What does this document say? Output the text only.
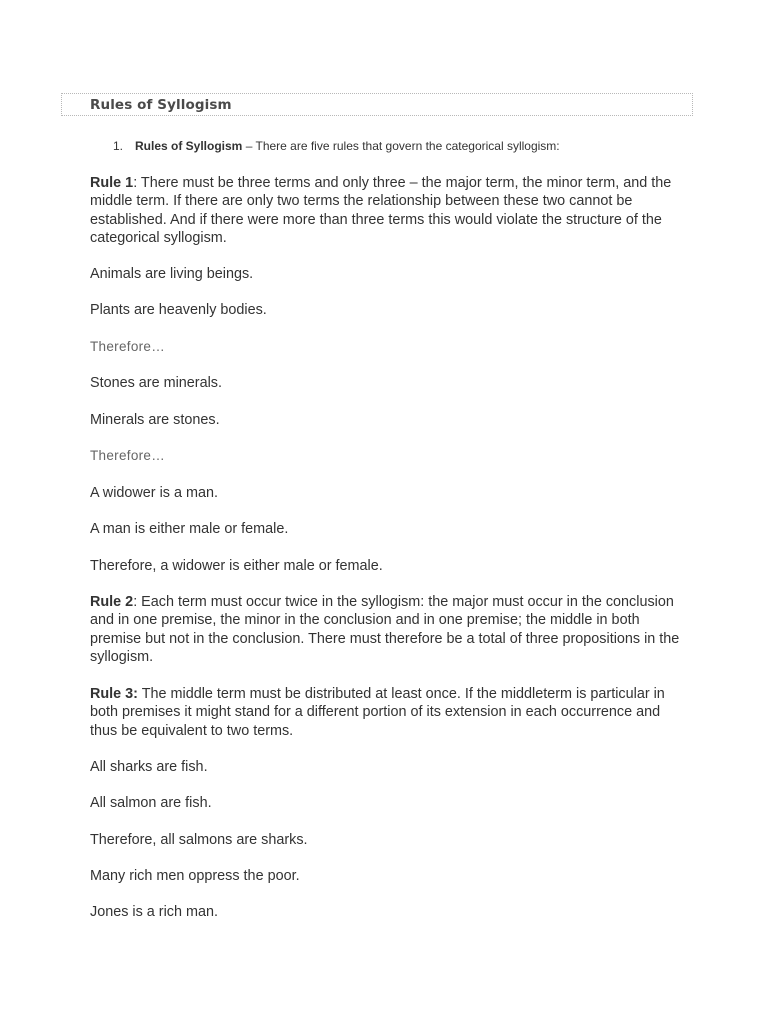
Rules of Syllogism
1. Rules of Syllogism – There are five rules that govern the categorical syllogism:

Rule 1: There must be three terms and only three – the major term, the minor term, and the middle term. If there are only two terms the relationship between these two cannot be established. And if there were more than three terms this would violate the structure of the categorical syllogism.

Animals are living beings.

Plants are heavenly bodies.

Therefore…

Stones are minerals.

Minerals are stones.

Therefore…

A widower is a man.

A man is either male or female.

Therefore, a widower is either male or female.

Rule 2: Each term must occur twice in the syllogism: the major must occur in the conclusion and in one premise, the minor in the conclusion and in one premise; the middle in both premise but not in the conclusion. There must therefore be a total of three propositions in the syllogism.

Rule 3: The middle term must be distributed at least once. If the middleterm is particular in both premises it might stand for a different portion of its extension in each occurrence and thus be equivalent to two terms.

All sharks are fish.

All salmon are fish.

Therefore, all salmons are sharks.

Many rich men oppress the poor.

Jones is a rich man.
